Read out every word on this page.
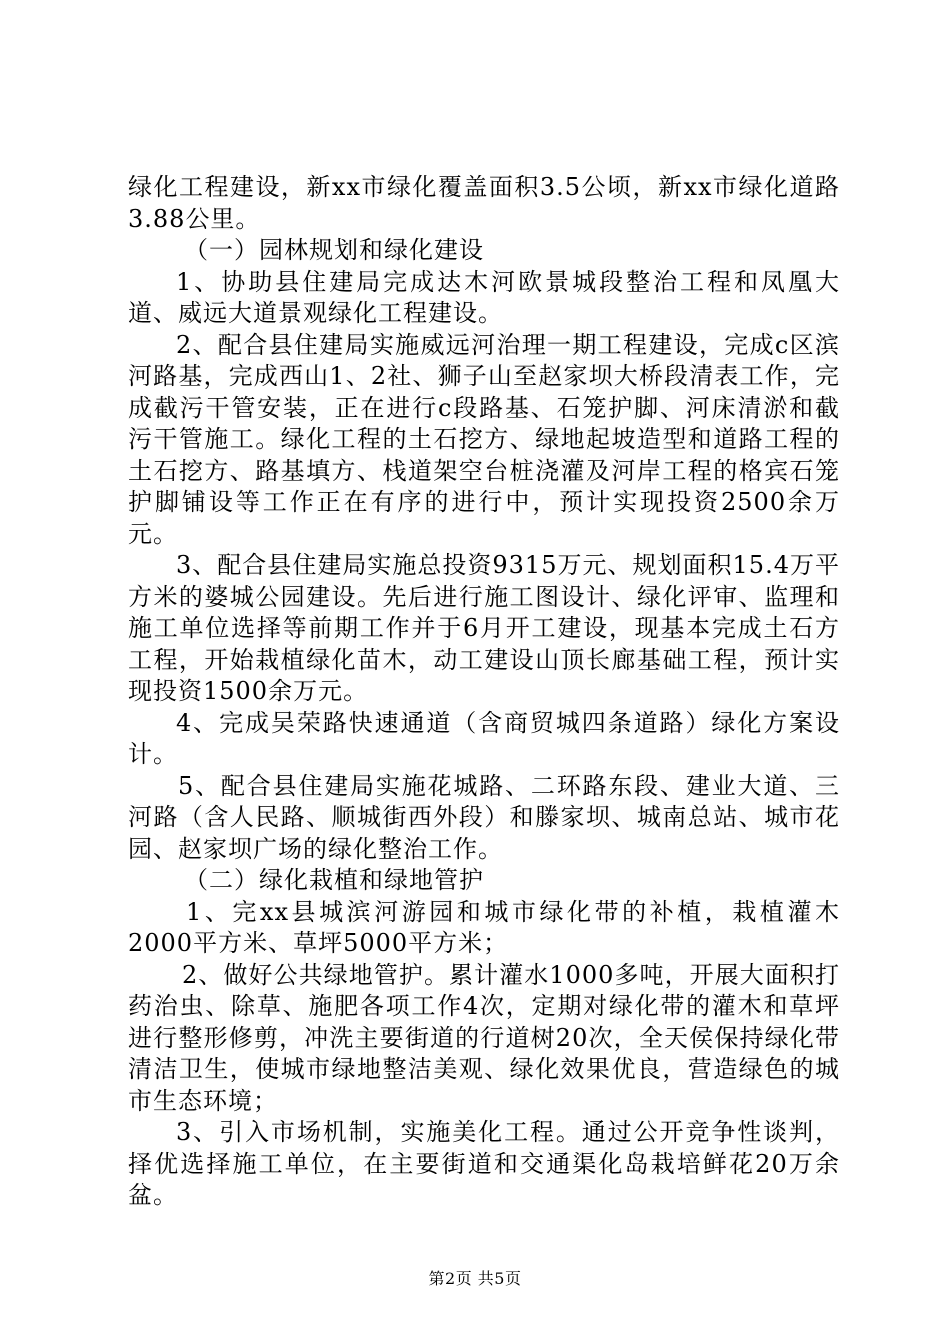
绿化工程建设，新xx市绿化覆盖面积3.5公顷，新xx市绿化道路3.88公里。

（一）园林规划和绿化建设

1、协助县住建局完成达木河欧景城段整治工程和凤凰大道、威远大道景观绿化工程建设。

2、配合县住建局实施威远河治理一期工程建设，完成c区滨河路基，完成西山1、2社、狮子山至赵家坝大桥段清表工作，完成截污干管安装，正在进行c段路基、石笼护脚、河床清淤和截污干管施工。绿化工程的土石挖方、绿地起坡造型和道路工程的土石挖方、路基填方、栈道架空台桩浇灌及河岸工程的格宾石笼护脚铺设等工作正在有序的进行中，预计实现投资2500余万元。

3、配合县住建局实施总投资9315万元、规划面积15.4万平方米的婆城公园建设。先后进行施工图设计、绿化评审、监理和施工单位选择等前期工作并于6月开工建设，现基本完成土石方工程，开始栽植绿化苗木，动工建设山顶长廊基础工程，预计实现投资1500余万元。

4、完成吴荣路快速通道（含商贸城四条道路）绿化方案设计。

5、配合县住建局实施花城路、二环路东段、建业大道、三河路（含人民路、顺城街西外段）和滕家坝、城南总站、城市花园、赵家坝广场的绿化整治工作。

（二）绿化栽植和绿地管护

1、完xx县城滨河游园和城市绿化带的补植，栽植灌木2000平方米、草坪5000平方米；

2、做好公共绿地管护。累计灌水1000多吨，开展大面积打药治虫、除草、施肥各项工作4次，定期对绿化带的灌木和草坪进行整形修剪，冲洗主要街道的行道树20次，全天侯保持绿化带清洁卫生，使城市绿地整洁美观、绿化效果优良，营造绿色的城市生态环境；

3、引入市场机制，实施美化工程。通过公开竞争性谈判，择优选择施工单位，在主要街道和交通渠化岛栽培鲜花20万余盆。

第2页 共5页
